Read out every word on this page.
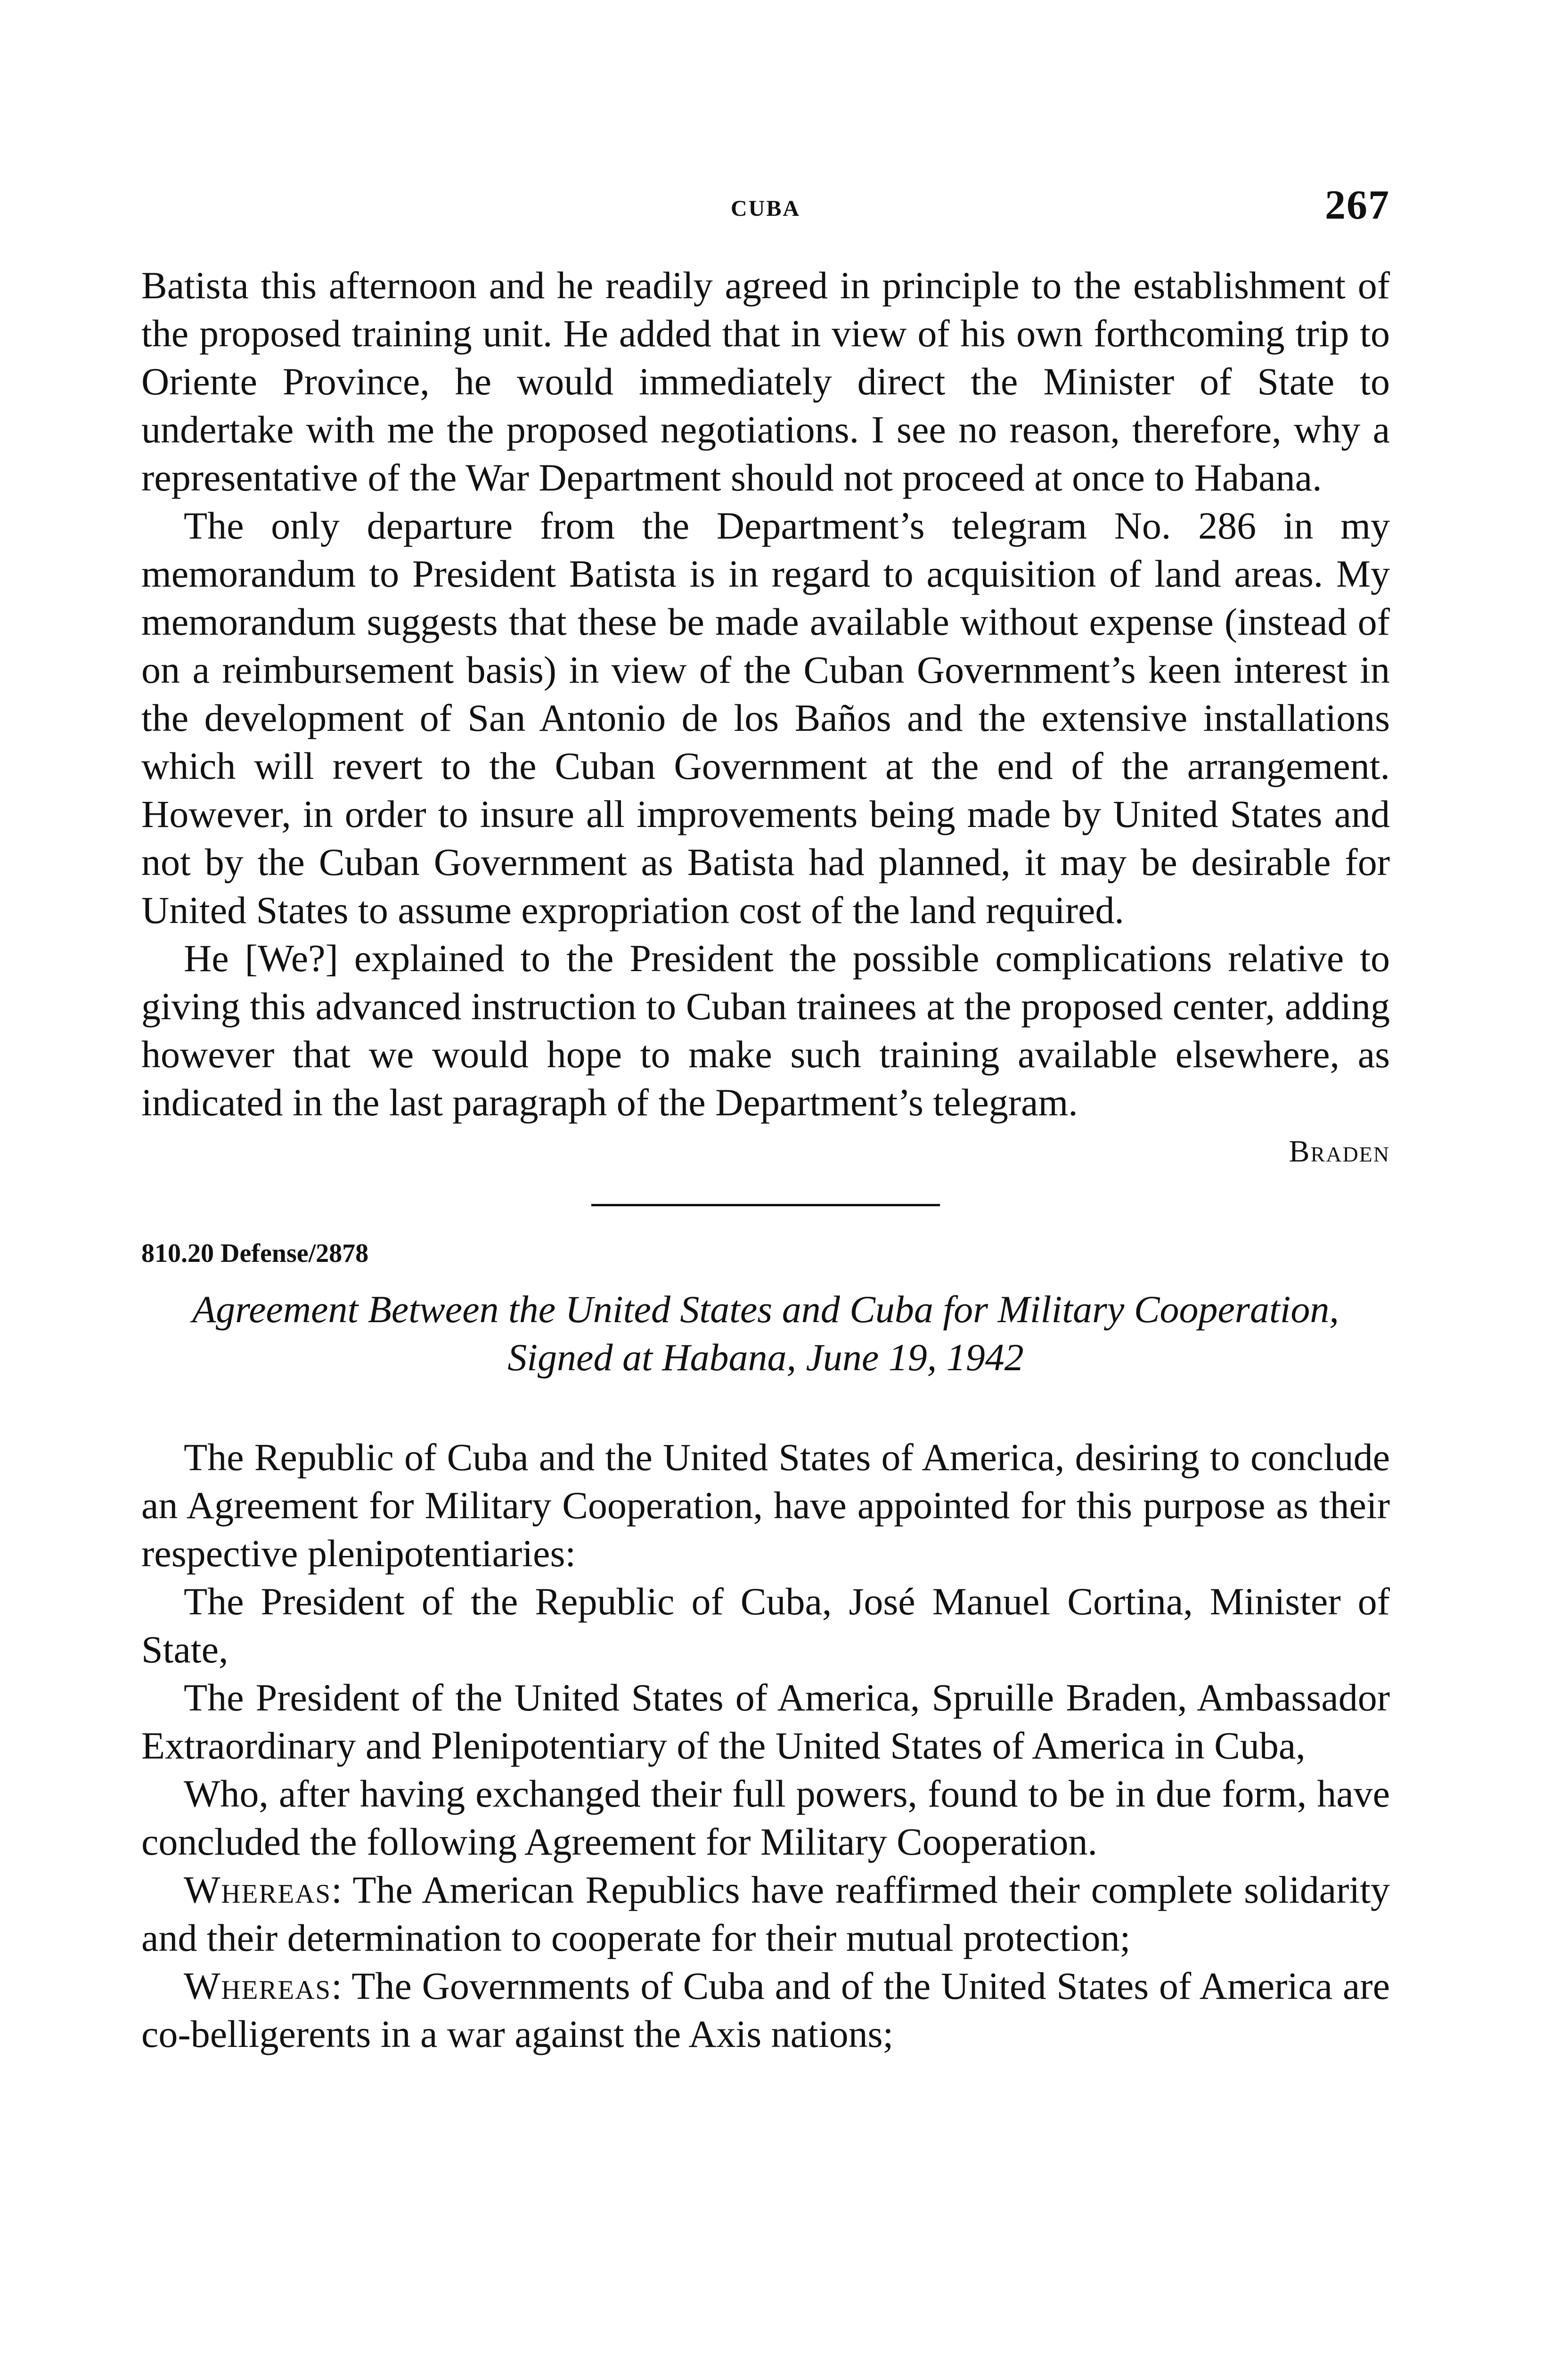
CUBA	267

Batista this afternoon and he readily agreed in principle to the establishment of the proposed training unit. He added that in view of his own forthcoming trip to Oriente Province, he would immediately direct the Minister of State to undertake with me the proposed negotiations. I see no reason, therefore, why a representative of the War Department should not proceed at once to Habana.

The only departure from the Department’s telegram No. 286 in my memorandum to President Batista is in regard to acquisition of land areas. My memorandum suggests that these be made available without expense (instead of on a reimbursement basis) in view of the Cuban Government’s keen interest in the development of San Antonio de los Baños and the extensive installations which will revert to the Cuban Government at the end of the arrangement. However, in order to insure all improvements being made by United States and not by the Cuban Government as Batista had planned, it may be desirable for United States to assume expropriation cost of the land required.

He [We?] explained to the President the possible complications relative to giving this advanced instruction to Cuban trainees at the proposed center, adding however that we would hope to make such training available elsewhere, as indicated in the last paragraph of the Department’s telegram.

Braden
810.20 Defense/2878
Agreement Between the United States and Cuba for Military Cooperation, Signed at Habana, June 19, 1942

The Republic of Cuba and the United States of America, desiring to conclude an Agreement for Military Cooperation, have appointed for this purpose as their respective plenipotentiaries:

The President of the Republic of Cuba, José Manuel Cortina, Minister of State,

The President of the United States of America, Spruille Braden, Ambassador Extraordinary and Plenipotentiary of the United States of America in Cuba,

Who, after having exchanged their full powers, found to be in due form, have concluded the following Agreement for Military Cooperation.

Whereas: The American Republics have reaffirmed their complete solidarity and their determination to cooperate for their mutual protection;

Whereas: The Governments of Cuba and of the United States of America are co-belligerents in a war against the Axis nations;
